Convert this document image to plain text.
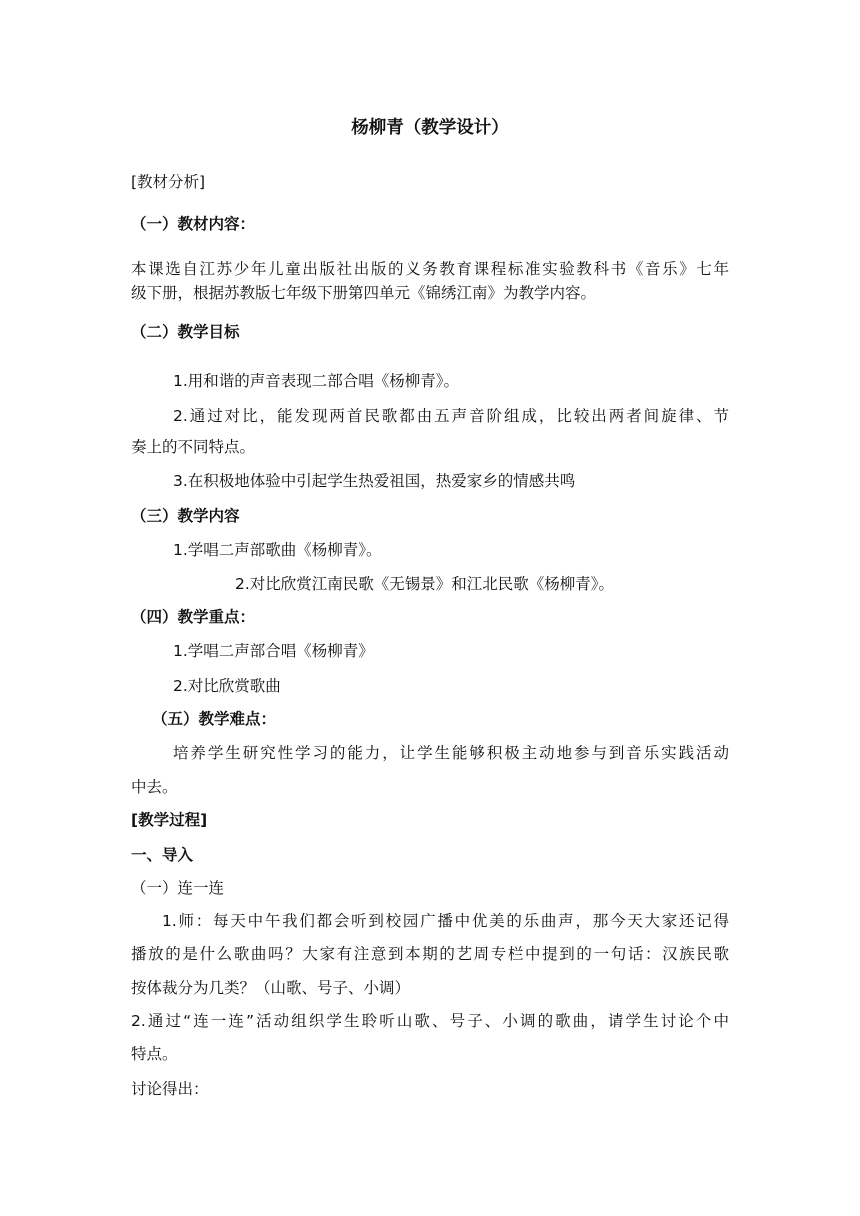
杨柳青（教学设计）
[教材分析]
（一）教材内容：
本课选自江苏少年儿童出版社出版的义务教育课程标准实验教科书《音乐》七年
级下册，根据苏教版七年级下册第四单元《锦绣江南》为教学内容。
（二）教学目标
1.用和谐的声音表现二部合唱《杨柳青》。
2.通过对比，能发现两首民歌都由五声音阶组成，比较出两者间旋律、节
奏上的不同特点。
3.在积极地体验中引起学生热爱祖国，热爱家乡的情感共鸣
（三）教学内容
1.学唱二声部歌曲《杨柳青》。
2.对比欣赏江南民歌《无锡景》和江北民歌《杨柳青》。
（四）教学重点：
1.学唱二声部合唱《杨柳青》
2.对比欣赏歌曲
（五）教学难点：
培养学生研究性学习的能力，让学生能够积极主动地参与到音乐实践活动
中去。
[教学过程]
一、导入
（一）连一连
1.师：每天中午我们都会听到校园广播中优美的乐曲声，那今天大家还记得
播放的是什么歌曲吗？大家有注意到本期的艺周专栏中提到的一句话：汉族民歌
按体裁分为几类？（山歌、号子、小调）
2.通过“连一连”活动组织学生聆听山歌、号子、小调的歌曲，请学生讨论个中
特点。
讨论得出：
